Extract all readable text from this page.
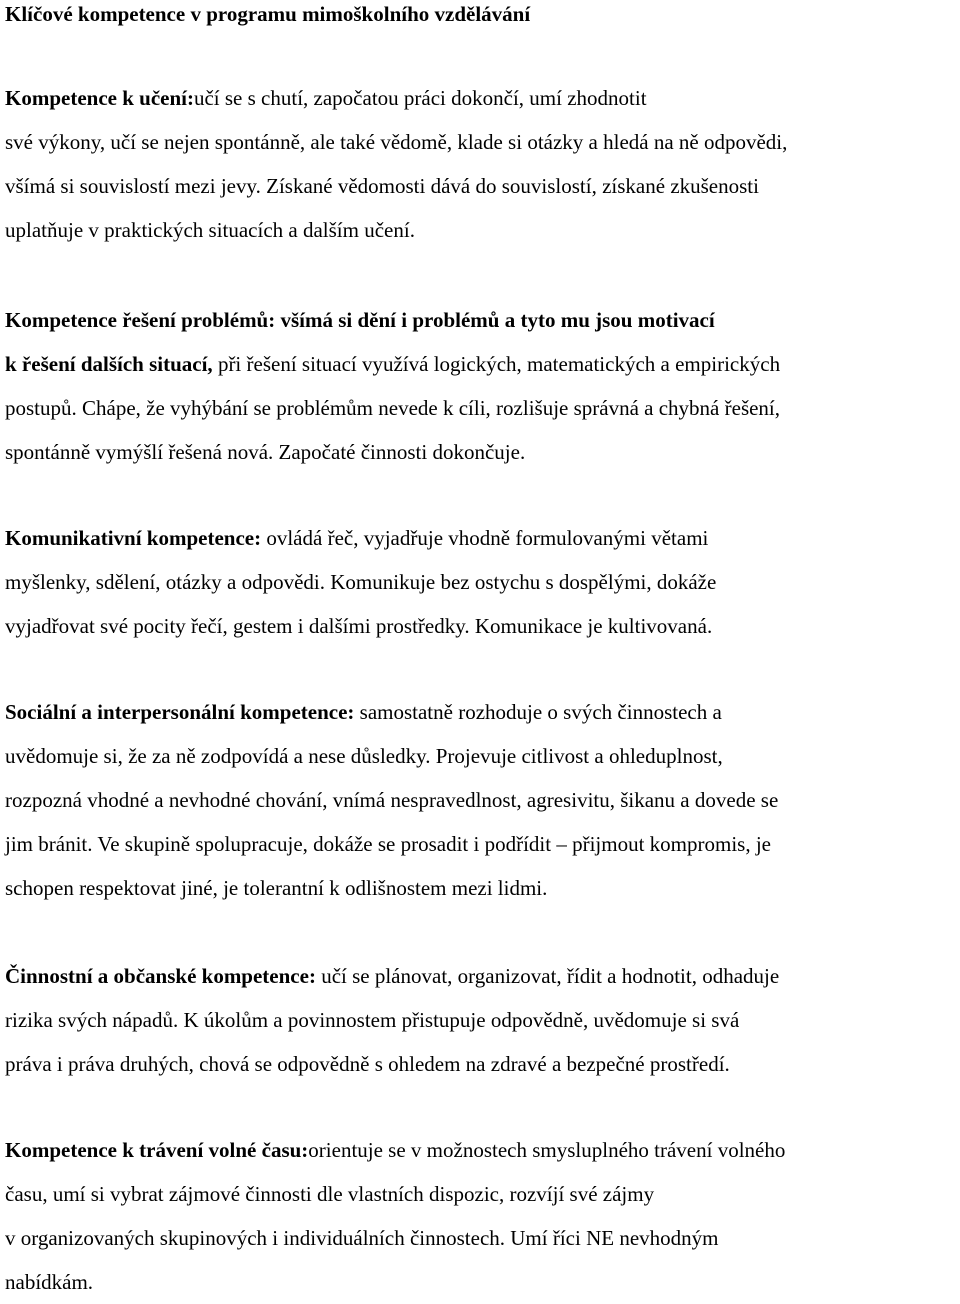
Klíčové kompetence v programu mimoškolního vzdělávání
Kompetence k učení:učí se s chutí, započatou práci dokončí, umí zhodnotit
své výkony, učí se nejen spontánně, ale také vědomě, klade si otázky a hledá na ně odpovědi,
všímá si souvislostí mezi jevy. Získané vědomosti dává do souvislostí, získané zkušenosti
uplatňuje v praktických situacích a dalším učení.
Kompetence řešení problémů: všímá si dění i problémů a tyto mu jsou motivací
k řešení dalších situací, při řešení situací využívá logických, matematických a empirických
postupů. Chápe, že vyhýbání se problémům nevede k cíli, rozlišuje správná a chybná řešení,
spontánně vymýšlí řešená nová. Započaté činnosti dokončuje.
Komunikativní kompetence: ovládá řeč, vyjadřuje vhodně formulovanými větami
myšlenky, sdělení, otázky a odpovědi. Komunikuje bez ostychu s dospělými, dokáže
vyjadřovat své pocity řečí, gestem i dalšími prostředky. Komunikace je kultivovaná.
Sociální a interpersonální kompetence: samostatně rozhoduje o svých činnostech a
uvědomuje si, že za ně zodpovídá a nese důsledky. Projevuje citlivost a ohleduplnost,
rozpozná vhodné a nevhodné chování, vnímá nespravedlnost, agresivitu, šikanu a dovede se
jim bránit. Ve skupině spolupracuje, dokáže se prosadit i podřídit – přijmout kompromis, je
schopen respektovat jiné, je tolerantní k odlišnostem mezi lidmi.
Činnostní a občanské kompetence: učí se plánovat, organizovat, řídit a hodnotit, odhaduje
rizika svých nápadů. K úkolům a povinnostem přistupuje odpovědně, uvědomuje si svá
práva i práva druhých, chová se odpovědně s ohledem na zdravé a bezpečné prostředí.
Kompetence k trávení volné času:orientuje se v možnostech smysluplného trávení volného
času, umí si vybrat zájmové činnosti dle vlastních dispozic, rozvíjí své zájmy
v organizovaných skupinových i individuálních činnostech. Umí říci NE nevhodným
nabídkám.
